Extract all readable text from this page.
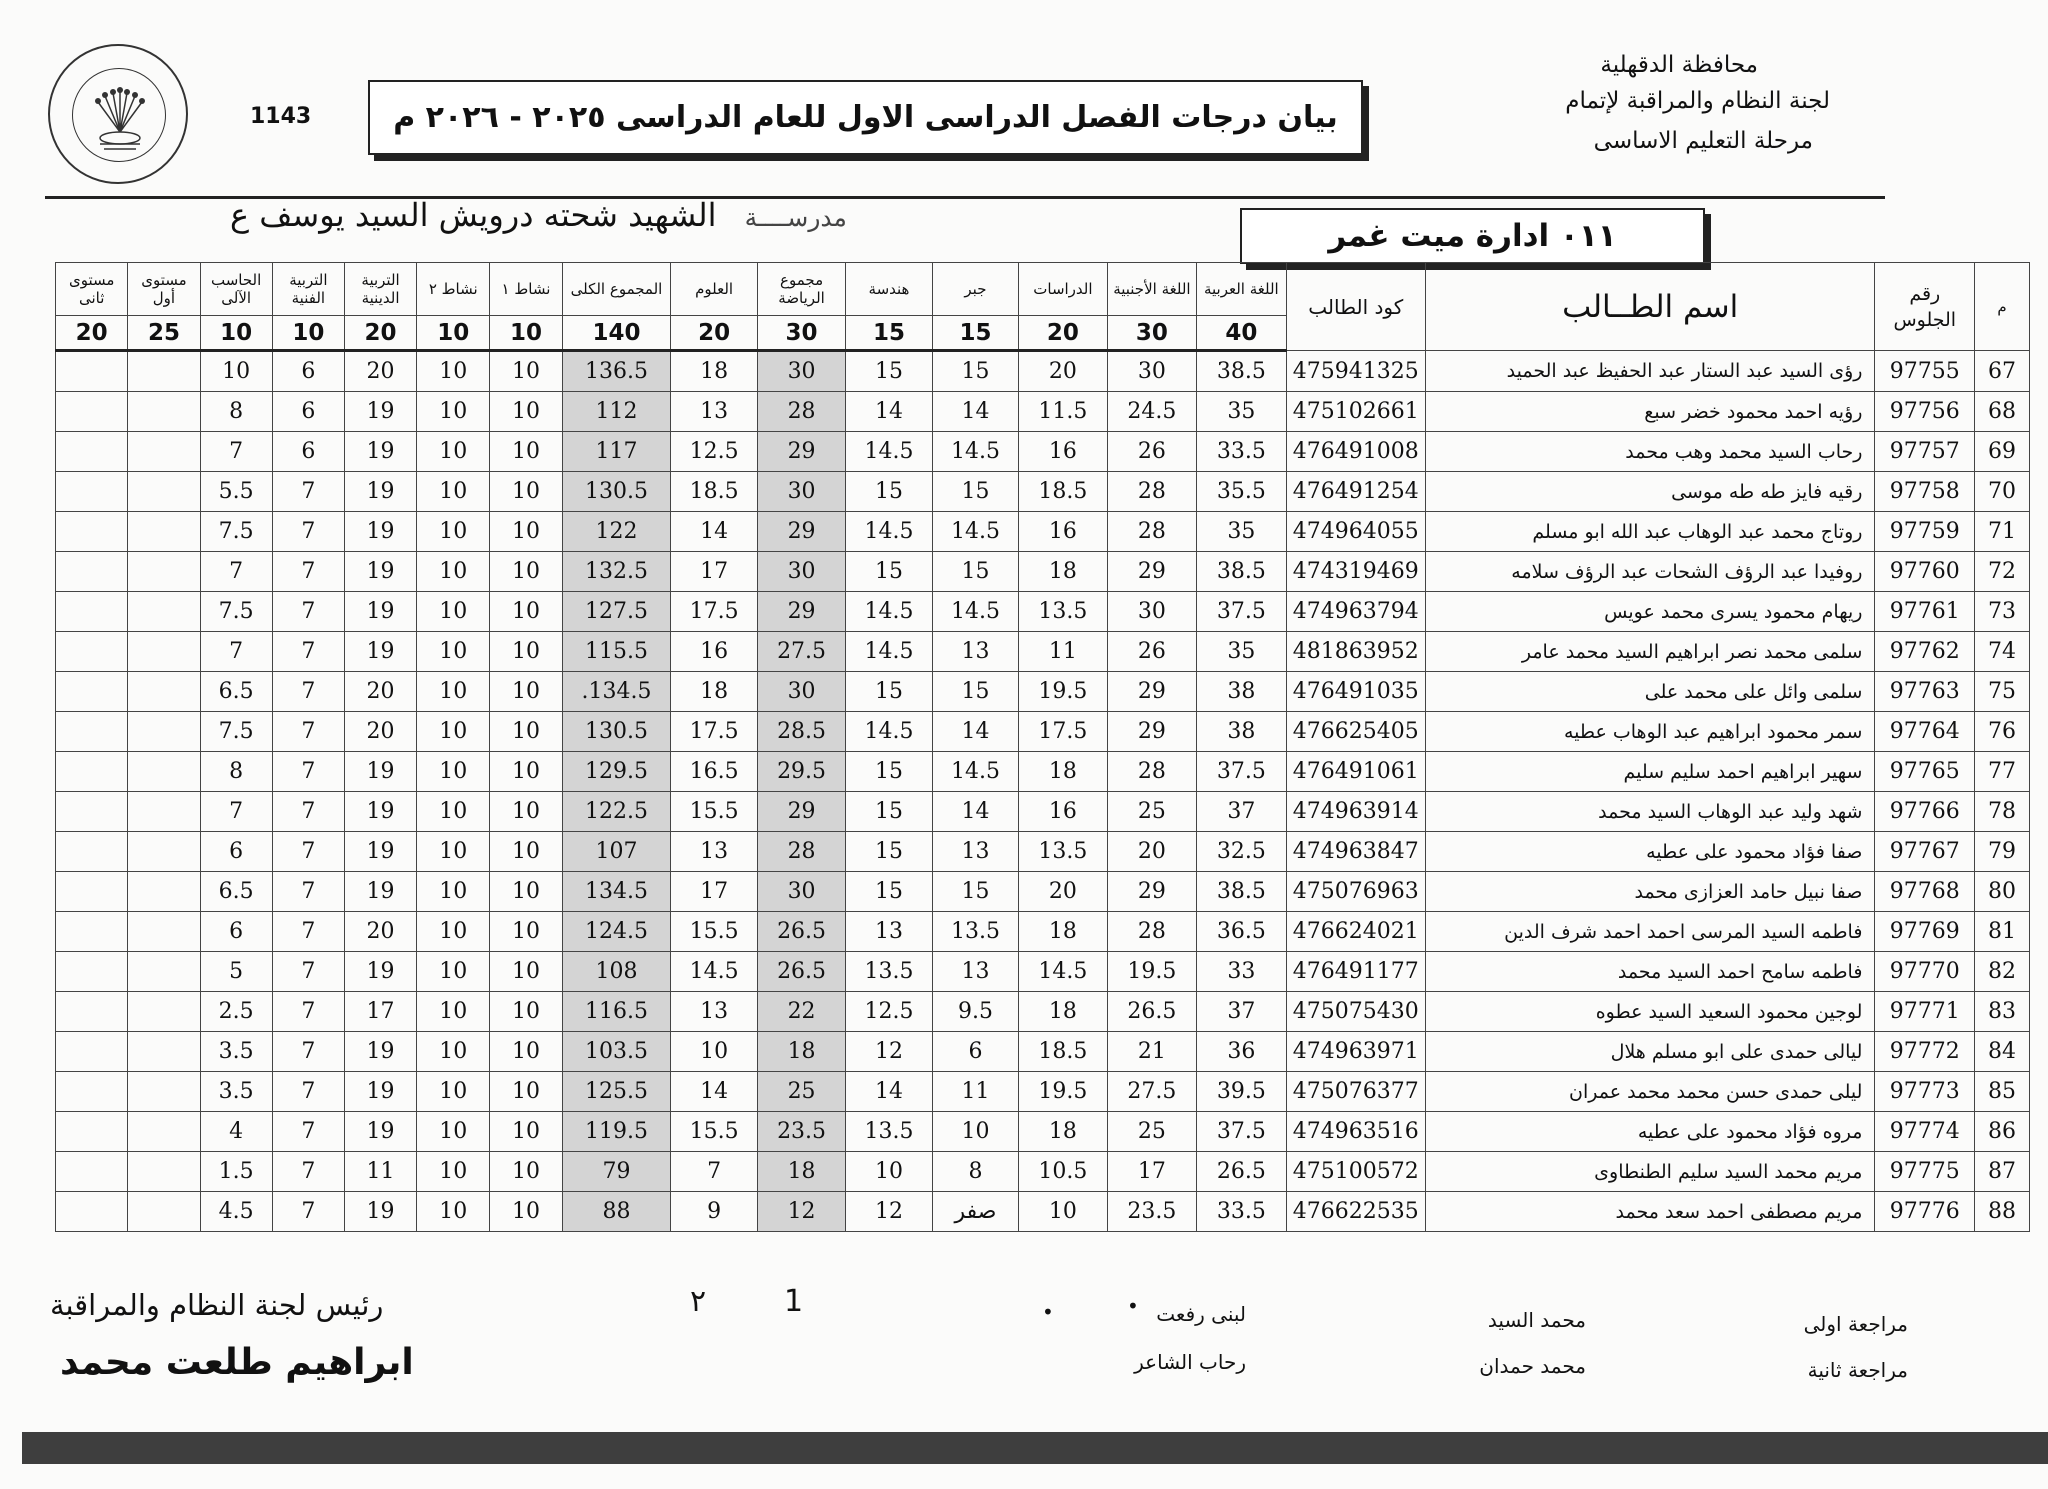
1143	بيان درجات الفصل الدراسى الاول للعام الدراسى ٢٠٢٥ - ٢٠٢٦ م
محافظة الدقهلية
لجنة النظام والمراقبة لإتمام
مرحلة التعليم الاساسى
مدرســــة الشهيد شحته درويش السيد يوسف ع
٠١١ ادارة ميت غمر
م	رقم الجلوس	اسم الطــالب	كود الطالب	اللغة العربية	اللغة الأجنبية	الدراسات	جبر	هندسة	مجموع الرياضة	العلوم	المجموع الكلى	نشاط ١	نشاط ٢	التربية الدينية	التربية الفنية	الحاسب الآلى	مستوى أول	مستوى ثانى
				40	30	20	15	15	30	20	140	10	10	20	10	10	25	20
67	97755	رؤى السيد عبد الستار عبد الحفيظ عبد الحميد	475941325	38.5	30	20	15	15	30	18	136.5	10	10	20	6	10		
68	97756	رؤيه احمد محمود خضر سبع	475102661	35	24.5	11.5	14	14	28	13	112	10	10	19	6	8		
69	97757	رحاب السيد محمد وهب محمد	476491008	33.5	26	16	14.5	14.5	29	12.5	117	10	10	19	6	7		
70	97758	رقيه فايز طه طه موسى	476491254	35.5	28	18.5	15	15	30	18.5	130.5	10	10	19	7	5.5		
71	97759	روتاج محمد عبد الوهاب عبد الله ابو مسلم	474964055	35	28	16	14.5	14.5	29	14	122	10	10	19	7	7.5		
72	97760	روفيدا عبد الرؤف الشحات عبد الرؤف سلامه	474319469	38.5	29	18	15	15	30	17	132.5	10	10	19	7	7		
73	97761	ريهام محمود يسرى محمد عويس	474963794	37.5	30	13.5	14.5	14.5	29	17.5	127.5	10	10	19	7	7.5		
74	97762	سلمى محمد نصر ابراهيم السيد محمد عامر	481863952	35	26	11	13	14.5	27.5	16	115.5	10	10	19	7	7		
75	97763	سلمى وائل على محمد على	476491035	38	29	19.5	15	15	30	18	134.5.	10	10	20	7	6.5		
76	97764	سمر محمود ابراهيم عبد الوهاب عطيه	476625405	38	29	17.5	14	14.5	28.5	17.5	130.5	10	10	20	7	7.5		
77	97765	سهير ابراهيم احمد سليم سليم	476491061	37.5	28	18	14.5	15	29.5	16.5	129.5	10	10	19	7	8		
78	97766	شهد وليد عبد الوهاب السيد محمد	474963914	37	25	16	14	15	29	15.5	122.5	10	10	19	7	7		
79	97767	صفا فؤاد محمود على عطيه	474963847	32.5	20	13.5	13	15	28	13	107	10	10	19	7	6		
80	97768	صفا نبيل حامد العزازى محمد	475076963	38.5	29	20	15	15	30	17	134.5	10	10	19	7	6.5		
81	97769	فاطمه السيد المرسى احمد احمد شرف الدين	476624021	36.5	28	18	13.5	13	26.5	15.5	124.5	10	10	20	7	6		
82	97770	فاطمه سامح احمد السيد محمد	476491177	33	19.5	14.5	13	13.5	26.5	14.5	108	10	10	19	7	5		
83	97771	لوجين محمود السعيد السيد عطوه	475075430	37	26.5	18	9.5	12.5	22	13	116.5	10	10	17	7	2.5		
84	97772	ليالى حمدى على ابو مسلم هلال	474963971	36	21	18.5	6	12	18	10	103.5	10	10	19	7	3.5		
85	97773	ليلى حمدى حسن محمد محمد عمران	475076377	39.5	27.5	19.5	11	14	25	14	125.5	10	10	19	7	3.5		
86	97774	مروه فؤاد محمود على عطيه	474963516	37.5	25	18	10	13.5	23.5	15.5	119.5	10	10	19	7	4		
87	97775	مريم محمد السيد سليم الطنطاوى	475100572	26.5	17	10.5	8	10	18	7	79	10	10	11	7	1.5		
88	97776	مريم مصطفى احمد سعد محمد	476622535	33.5	23.5	10	صفر	12	12	9	88	10	10	19	7	4.5		
مراجعة اولى
مراجعة ثانية
محمد السيد
محمد حمدان
لبنى رفعت
رحاب الشاعر
1
٢	•	•
رئيس لجنة النظام والمراقبة
ابراهيم طلعت محمد
